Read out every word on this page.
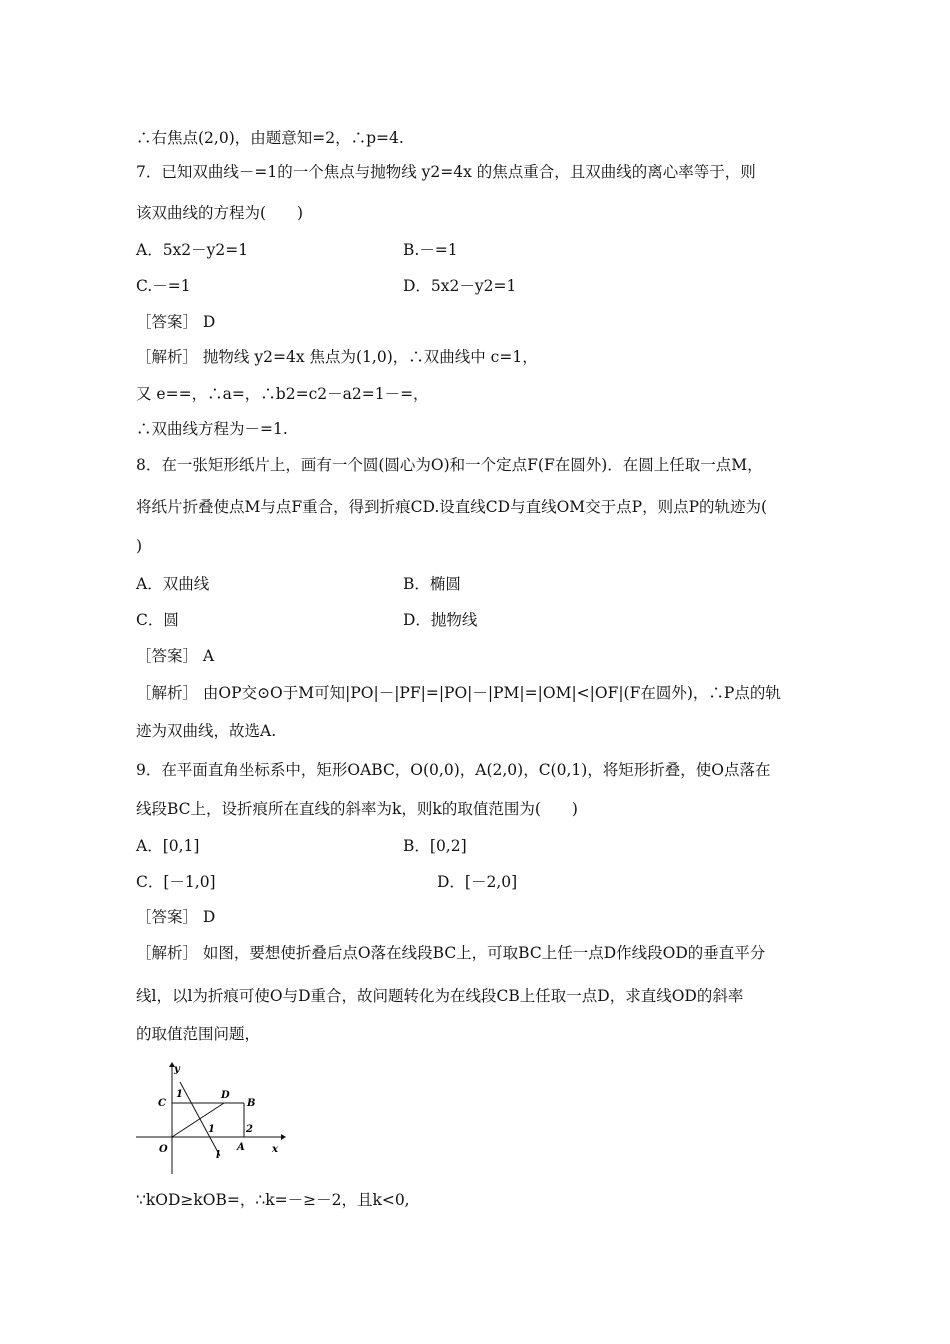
∴右焦点(2,0)，由题意知=2，∴p=4.
7．已知双曲线－=1的一个焦点与抛物线 y2=4x 的焦点重合，且双曲线的离心率等于，则
该双曲线的方程为(　　)
A．5x2－y2=1	B.－=1
C.－=1	D．5x2－y2=1
［答案］ D
［解析］ 抛物线 y2=4x 焦点为(1,0)，∴双曲线中 c=1，
又 e==，∴a=，∴b2=c2－a2=1－=，
∴双曲线方程为－=1.
8．在一张矩形纸片上，画有一个圆(圆心为O)和一个定点F(F在圆外)．在圆上任取一点M，
将纸片折叠使点M与点F重合，得到折痕CD.设直线CD与直线OM交于点P，则点P的轨迹为(
)
A．双曲线	B．椭圆
C．圆	D．抛物线
［答案］ A
［解析］ 由OP交⊙O于M可知|PO|－|PF|=|PO|－|PM|=|OM|<|OF|(F在圆外)，∴P点的轨
迹为双曲线，故选A.
9．在平面直角坐标系中，矩形OABC，O(0,0)，A(2,0)，C(0,1)，将矩形折叠，使O点落在
线段BC上，设折痕所在直线的斜率为k，则k的取值范围为(　　)
A．[0,1]	B．[0,2]
C．[－1,0]	D．[－2,0]
［答案］ D
［解析］ 如图，要想使折叠后点O落在线段BC上，可取BC上任一点D作线段OD的垂直平分
线l，以l为折痕可使O与D重合，故问题转化为在线段CB上任取一点D，求直线OD的斜率
的取值范围问题，
y
x
C
1	D
B
1	2
O	A
l
∵kOD≥kOB=，∴k=－≥－2，且k<0,
